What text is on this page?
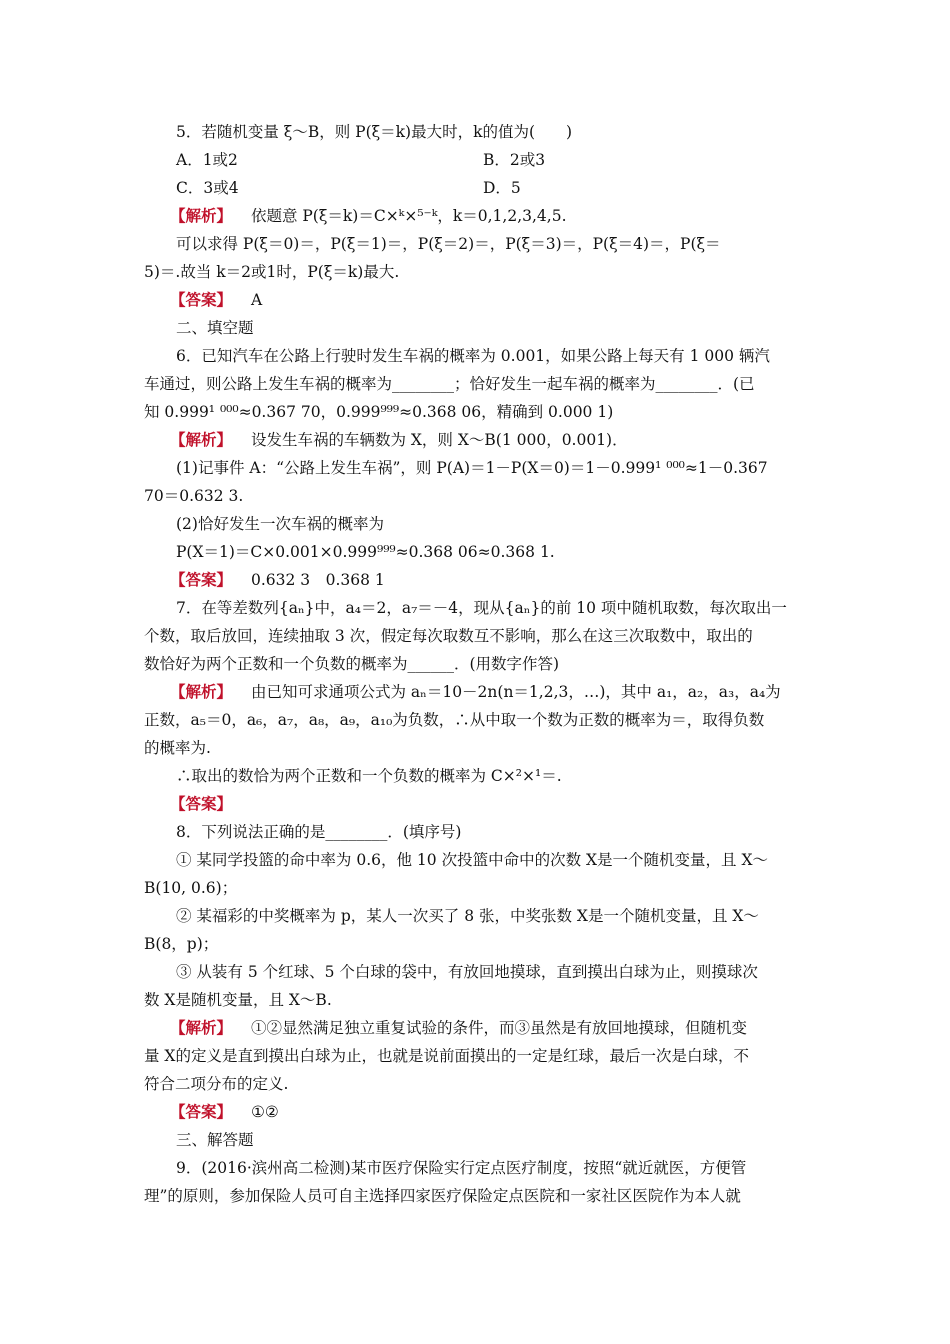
5．若随机变量 ξ～B，则 P(ξ＝k)最大时，k的值为(　　)
A．1或2	B．2或3
C．3或4	D．5
【解析】 依题意 P(ξ＝k)＝C×ᵏ×⁵⁻ᵏ，k＝0,1,2,3,4,5.
可以求得 P(ξ＝0)＝，P(ξ＝1)＝，P(ξ＝2)＝，P(ξ＝3)＝，P(ξ＝4)＝，P(ξ＝
5)＝.故当 k＝2或1时，P(ξ＝k)最大.
【答案】 A
二、填空题
6．已知汽车在公路上行驶时发生车祸的概率为 0.001，如果公路上每天有 1 000 辆汽
车通过，则公路上发生车祸的概率为________；恰好发生一起车祸的概率为________．(已
知 0.999¹ ⁰⁰⁰≈0.367 70，0.999⁹⁹⁹≈0.368 06，精确到 0.000 1)
【解析】 设发生车祸的车辆数为 X，则 X～B(1 000，0.001)．
(1)记事件 A：“公路上发生车祸”，则 P(A)＝1－P(X＝0)＝1－0.999¹ ⁰⁰⁰≈1－0.367
70＝0.632 3.
(2)恰好发生一次车祸的概率为
P(X＝1)＝C×0.001×0.999⁹⁹⁹≈0.368 06≈0.368 1.
【答案】 0.632 3　0.368 1
7．在等差数列{aₙ}中，a₄＝2，a₇＝－4，现从{aₙ}的前 10 项中随机取数，每次取出一
个数，取后放回，连续抽取 3 次，假定每次取数互不影响，那么在这三次取数中，取出的
数恰好为两个正数和一个负数的概率为______．(用数字作答)
【解析】 由已知可求通项公式为 aₙ＝10－2n(n＝1,2,3，…)，其中 a₁，a₂，a₃，a₄为
正数，a₅＝0，a₆，a₇，a₈，a₉，a₁₀为负数，∴从中取一个数为正数的概率为＝，取得负数
的概率为.
∴取出的数恰为两个正数和一个负数的概率为 C×²×¹＝.
【答案】
8．下列说法正确的是________．(填序号)
① 某同学投篮的命中率为 0.6，他 10 次投篮中命中的次数 X是一个随机变量，且 X～
B(10, 0.6)；
② 某福彩的中奖概率为 p，某人一次买了 8 张，中奖张数 X是一个随机变量，且 X～
B(8，p)；
③ 从装有 5 个红球、5 个白球的袋中，有放回地摸球，直到摸出白球为止，则摸球次
数 X是随机变量，且 X～B.
【解析】 ①②显然满足独立重复试验的条件，而③虽然是有放回地摸球，但随机变
量 X的定义是直到摸出白球为止，也就是说前面摸出的一定是红球，最后一次是白球，不
符合二项分布的定义.
【答案】 ①②
三、解答题
9．(2016·滨州高二检测)某市医疗保险实行定点医疗制度，按照“就近就医，方便管
理”的原则，参加保险人员可自主选择四家医疗保险定点医院和一家社区医院作为本人就
